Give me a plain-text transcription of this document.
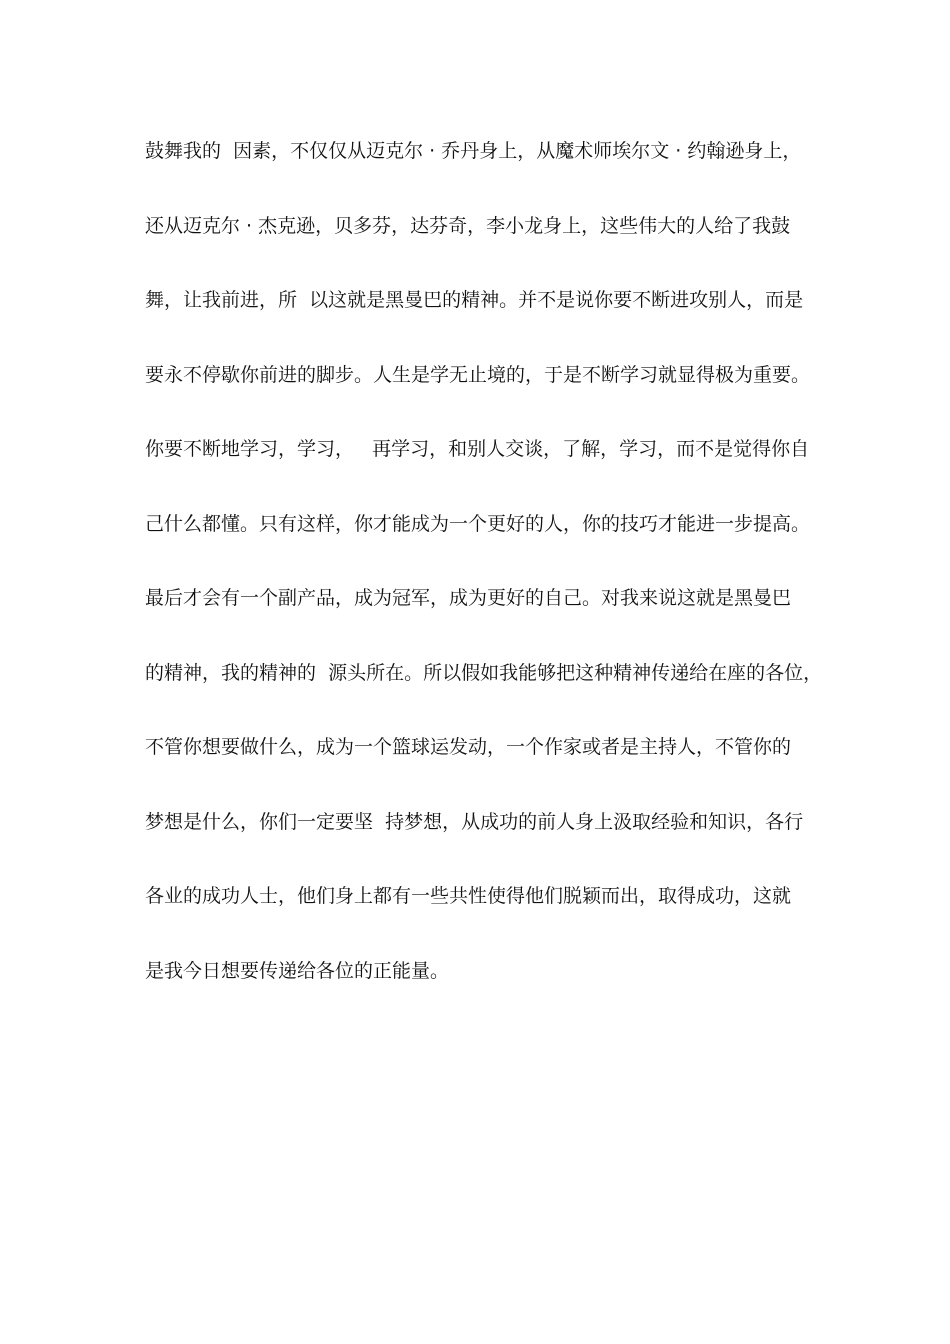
鼓舞我的  因素，不仅仅从迈克尔 · 乔丹身上，从魔术师埃尔文 · 约翰逊身上，
还从迈克尔 · 杰克逊，贝多芬，达芬奇，李小龙身上，这些伟大的人给了我鼓
舞，让我前进，所  以这就是黑曼巴的精神。并不是说你要不断进攻别人，而是
要永不停歇你前进的脚步。人生是学无止境的，于是不断学习就显得极为重要。
你要不断地学习，学习，   再学习，和别人交谈，了解，学习，而不是觉得你自
己什么都懂。只有这样，你才能成为一个更好的人，你的技巧才能进一步提高。
最后才会有一个副产品，成为冠军，成为更好的自己。对我来说这就是黑曼巴
的精神，我的精神的  源头所在。所以假如我能够把这种精神传递给在座的各位，
不管你想要做什么，成为一个篮球运发动，一个作家或者是主持人，不管你的
梦想是什么，你们一定要坚  持梦想，从成功的前人身上汲取经验和知识，各行
各业的成功人士，他们身上都有一些共性使得他们脱颖而出，取得成功，这就
是我今日想要传递给各位的正能量。
